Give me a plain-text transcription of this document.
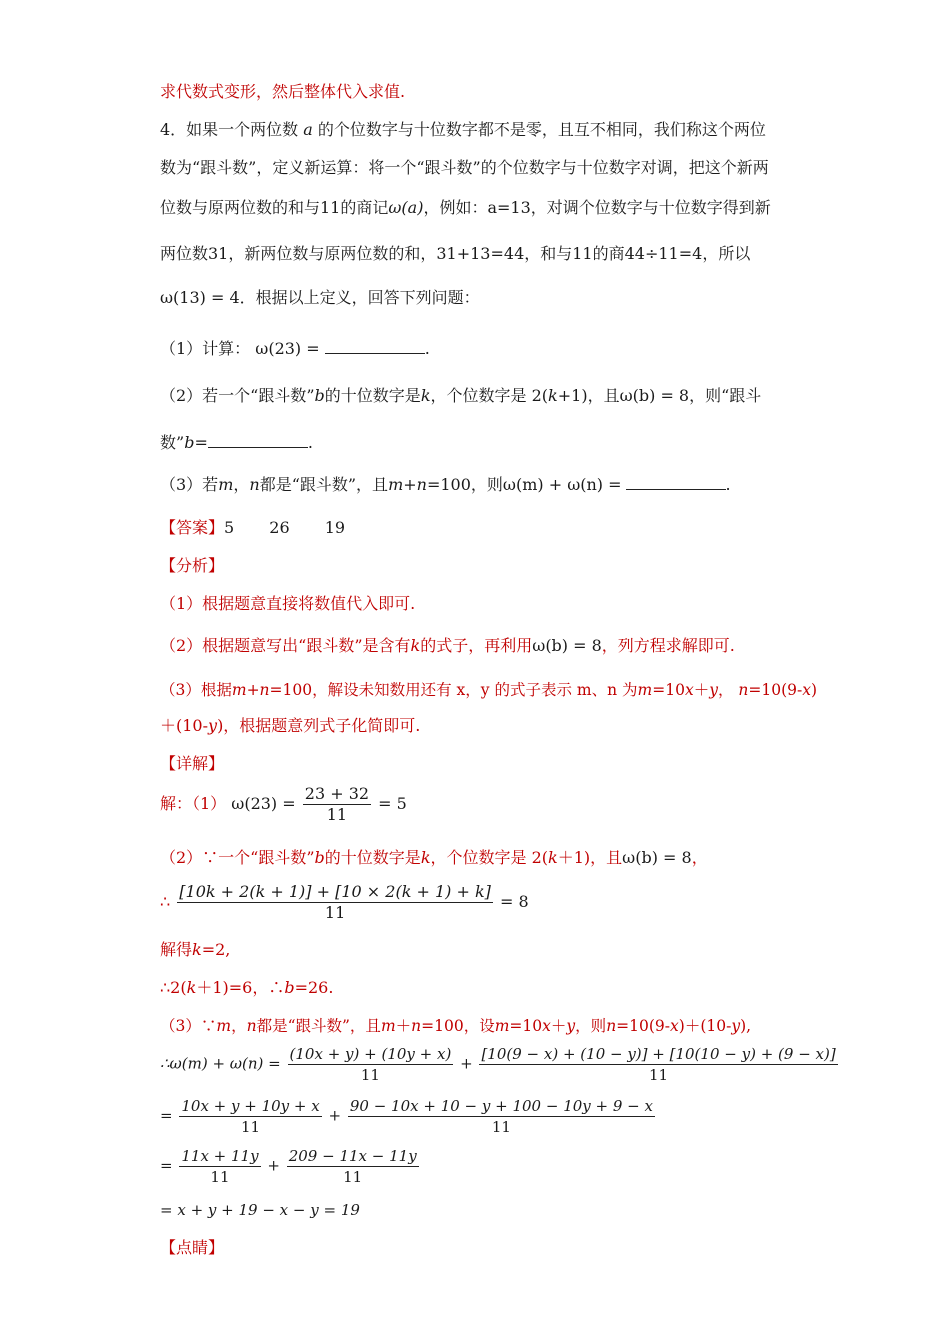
求代数式变形，然后整体代入求值.
4．如果一个两位数 a 的个位数字与十位数字都不是零，且互不相同，我们称这个两位
数为“跟斗数”，定义新运算：将一个“跟斗数”的个位数字与十位数字对调，把这个新两
位数与原两位数的和与11的商记ω(a)，例如：a=13，对调个位数字与十位数字得到新
两位数31，新两位数与原两位数的和，31+13=44，和与11的商44÷11=4，所以
ω(13) = 4．根据以上定义，回答下列问题：
（1）计算： ω(23) =	.
（2）若一个“跟斗数”b的十位数字是k，个位数字是 2(k+1)，且ω(b) = 8，则“跟斗
数”b=	.
（3）若m，n都是“跟斗数”，且m+n=100，则ω(m) + ω(n) =	.
【答案】5 26 19
【分析】
（1）根据题意直接将数值代入即可.
（2）根据题意写出“跟斗数”是含有k的式子，再利用ω(b) = 8，列方程求解即可.
（3）根据m+n=100，解设未知数用还有 x，y 的式子表示 m、n 为m=10x＋y， n=10(9-x)
＋(10-y)，根据题意列式子化简即可.
【详解】
解：（1） $\omega(23) = \frac{23 + 32}{11} = 5$
（2）∵一个“跟斗数”b的十位数字是k，个位数字是 2(k＋1)，且ω(b) = 8，
∴ $\frac{[10k + 2(k + 1)] + [10 \times 2(k + 1) + k]}{11} = 8$
解得k=2,
∴2(k＋1)=6，∴b=26.
（3）∵m，n都是“跟斗数”，且m＋n=100，设m=10x＋y，则n=10(9-x)＋(10-y),
∴ω(m) + $\omega(n) = \frac{(10x + y) + (10y + x)}{11} + \frac{[10(9 - x) + (10 - y)] + [10(10 - y) + (9 - x)]}{11}$
= $\frac{10x + y + 10y + x}{11} + \frac{90 - 10x + 10 - y + 100 - 10y + 9 - x}{11}$
= $\frac{11x + 11y}{11} + \frac{209 - 11x - 11y}{11}$
= x + y + 19 − x − y = 19
【点睛】
